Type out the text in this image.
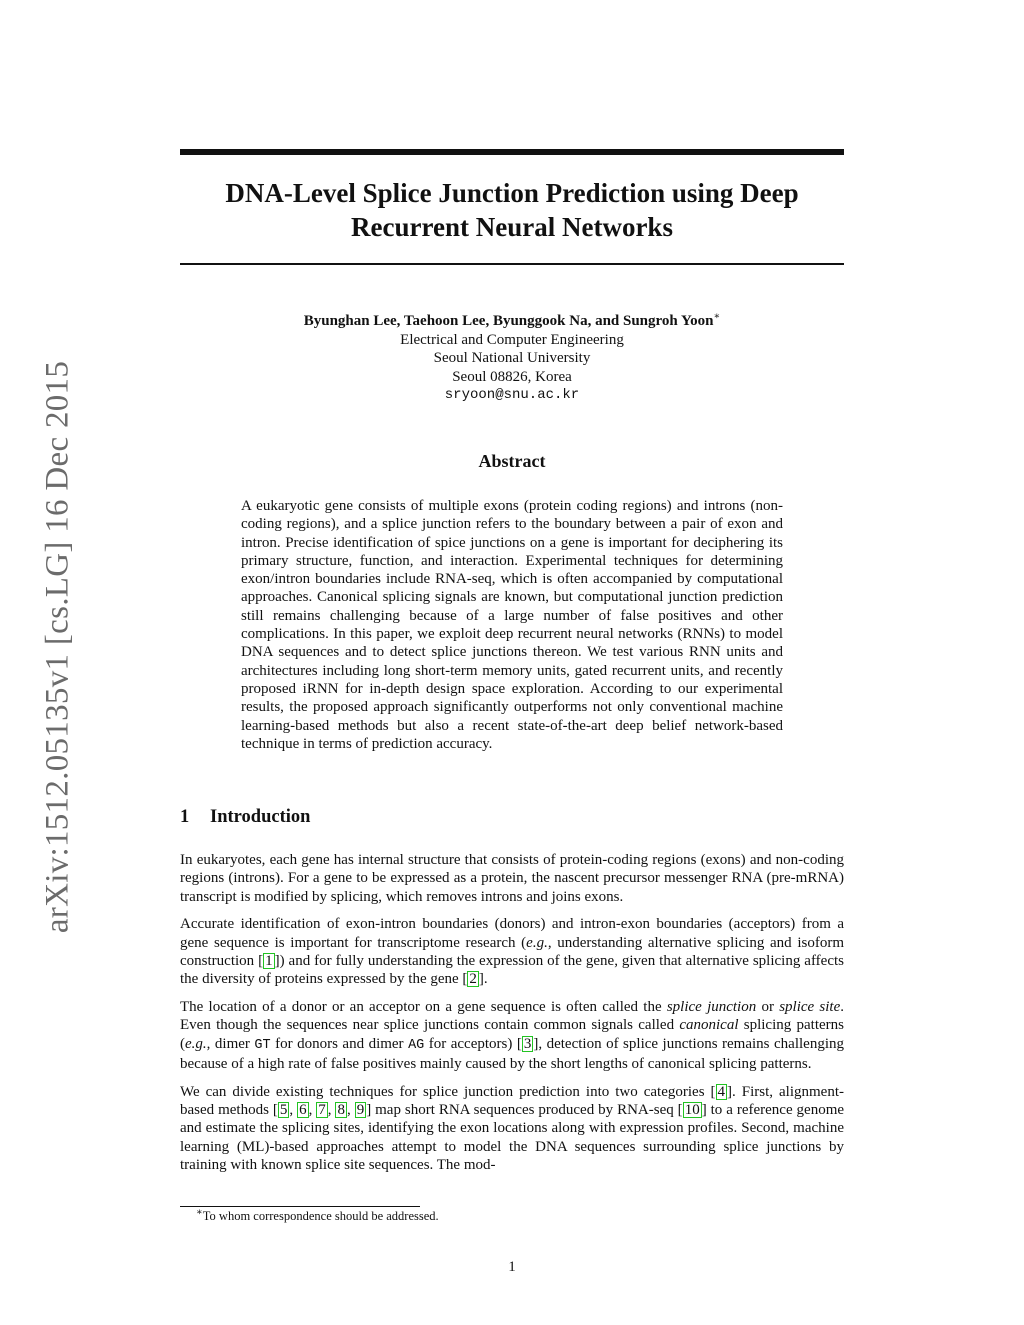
arXiv:1512.05135v1 [cs.LG] 16 Dec 2015
DNA-Level Splice Junction Prediction using Deep
Recurrent Neural Networks
Byunghan Lee, Taehoon Lee, Byunggook Na, and Sungroh Yoon∗
Electrical and Computer Engineering
Seoul National University
Seoul 08826, Korea
sryoon@snu.ac.kr
Abstract

A eukaryotic gene consists of multiple exons (protein coding regions) and introns (non-coding regions), and a splice junction refers to the boundary between a pair of exon and intron. Precise identification of spice junctions on a gene is important for deciphering its primary structure, function, and interaction. Experimental techniques for determining exon/intron boundaries include RNA-seq, which is often accompanied by computational approaches. Canonical splicing signals are known, but computational junction prediction still remains challenging because of a large number of false positives and other complications. In this paper, we exploit deep recurrent neural networks (RNNs) to model DNA sequences and to detect splice junctions thereon. We test various RNN units and architectures including long short-term memory units, gated recurrent units, and recently proposed iRNN for in-depth design space exploration. According to our experimental results, the proposed approach significantly outperforms not only conventional machine learning-based methods but also a recent state-of-the-art deep belief network-based technique in terms of prediction accuracy.

1 Introduction

In eukaryotes, each gene has internal structure that consists of protein-coding regions (exons) and non-coding regions (introns). For a gene to be expressed as a protein, the nascent precursor messenger RNA (pre-mRNA) transcript is modified by splicing, which removes introns and joins exons.

Accurate identification of exon-intron boundaries (donors) and intron-exon boundaries (acceptors) from a gene sequence is important for transcriptome research (e.g., understanding alternative splicing and isoform construction [ 1 ]) and for fully understanding the expression of the gene, given that alternative splicing affects the diversity of proteins expressed by the gene [ 2 ].

The location of a donor or an acceptor on a gene sequence is often called the splice junction or splice site. Even though the sequences near splice junctions contain common signals called canonical splicing patterns (e.g., dimer GT for donors and dimer AG for acceptors) [ 3 ], detection of splice junctions remains challenging because of a high rate of false positives mainly caused by the short lengths of canonical splicing patterns.

We can divide existing techniques for splice junction prediction into two categories [ 4 ]. First, alignment-based methods [ 5 , 6 , 7 , 8 , 9 ] map short RNA sequences produced by RNA-seq [ 10 ] to a reference genome and estimate the splicing sites, identifying the exon locations along with expression profiles. Second, machine learning (ML)-based approaches attempt to model the DNA sequences surrounding splice junctions by training with known splice site sequences. The mod-

∗To whom correspondence should be addressed.
1
